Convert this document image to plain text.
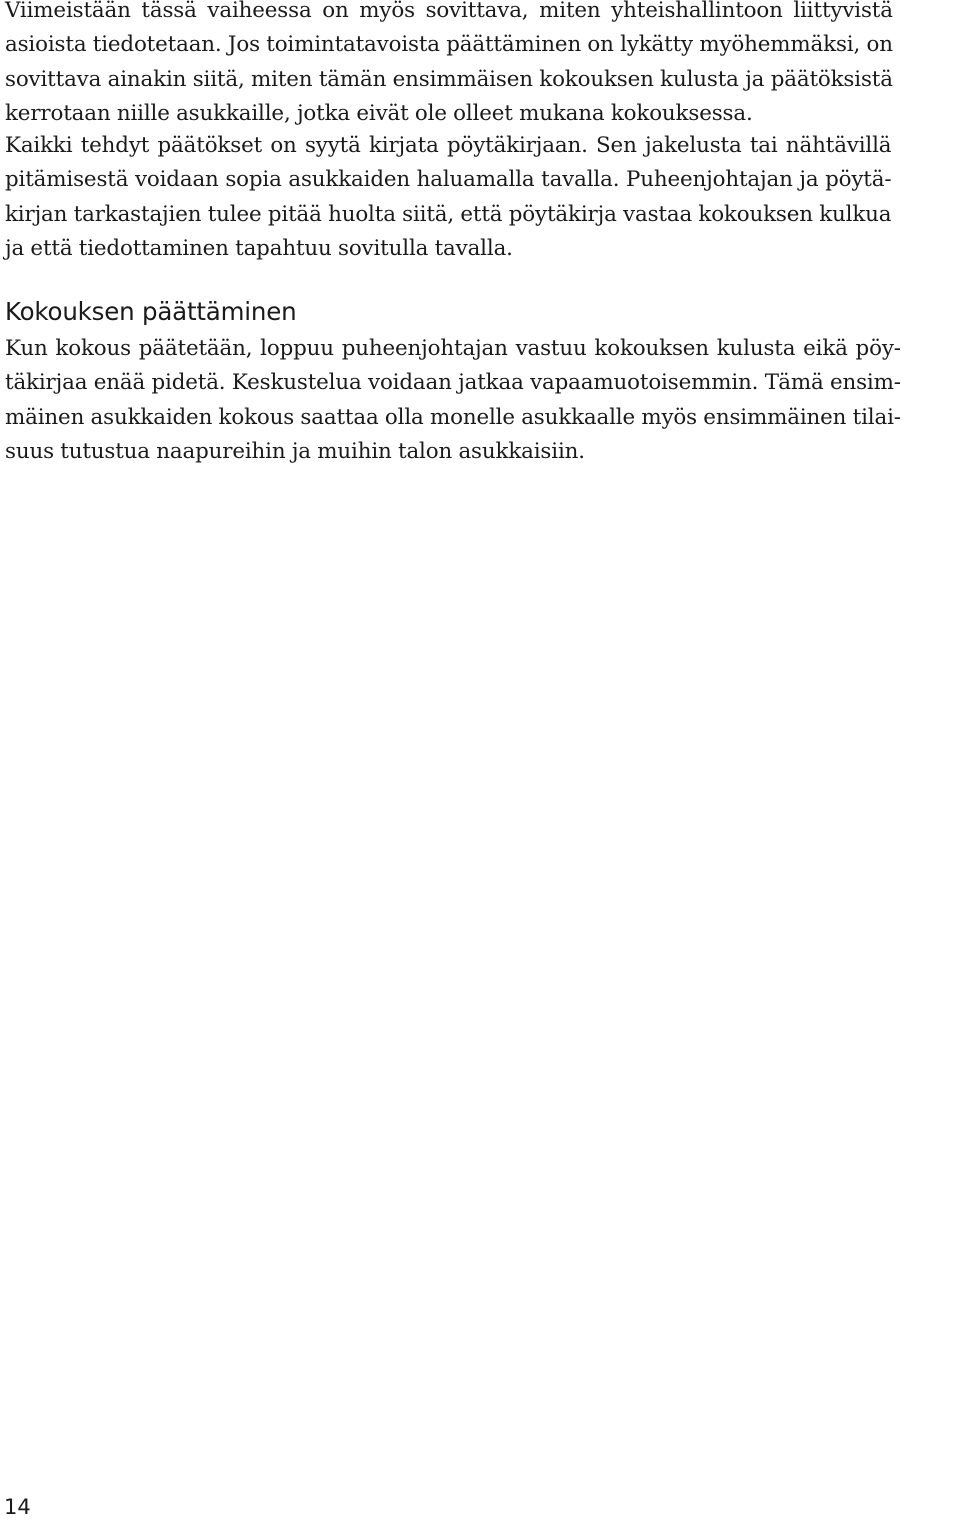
Viimeistään tässä vaiheessa on myös sovittava, miten yhteishallintoon liittyvistä
asioista tiedotetaan. Jos toimintatavoista päättäminen on lykätty myöhemmäksi, on
sovittava ainakin siitä, miten tämän ensimmäisen kokouksen kulusta ja päätöksistä
kerrotaan niille asukkaille, jotka eivät ole olleet mukana kokouksessa.

Kaikki tehdyt päätökset on syytä kirjata pöytäkirjaan. Sen jakelusta tai nähtävillä
pitämisestä voidaan sopia asukkaiden haluamalla tavalla. Puheenjohtajan ja pöytä-
kirjan tarkastajien tulee pitää huolta siitä, että pöytäkirja vastaa kokouksen kulkua
ja että tiedottaminen tapahtuu sovitulla tavalla.

Kokouksen päättäminen

Kun kokous päätetään, loppuu puheenjohtajan vastuu kokouksen kulusta eikä pöy-
täkirjaa enää pidetä. Keskustelua voidaan jatkaa vapaamuotoisemmin. Tämä ensim-
mäinen asukkaiden kokous saattaa olla monelle asukkaalle myös ensimmäinen tilai-
suus tutustua naapureihin ja muihin talon asukkaisiin.

14
